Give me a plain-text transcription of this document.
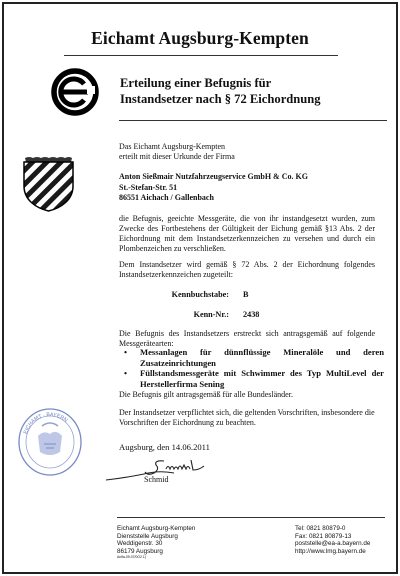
Eichamt Augsburg-Kempten
Erteilung einer Befugnis für
Instandsetzer nach § 72 Eichordnung
Das Eichamt Augsburg-Kempten
erteilt mit dieser Urkunde der Firma
Anton Sießmair Nutzfahrzeugservice GmbH & Co. KG
St.-Stefan-Str. 51
86551 Aichach / Gallenbach
die Befugnis, geeichte Messgeräte, die von ihr instandgesetzt wurden, zum Zwecke des Fortbestehens der Gültigkeit der Eichung gemäß §13 Abs. 2 der Eichordnung mit dem Instandsetzerkennzeichen zu versehen und durch ein Plombenzeichen zu verschließen.
Dem Instandsetzer wird gemäß § 72 Abs. 2 der Eichordnung folgendes Instandsetzerkennzeichen zugeteilt:
Kennbuchstabe: B
Kenn-Nr.: 2438
Die Befugnis des Instandsetzers erstreckt sich antragsgemäß auf folgende Messgerätearten:
• Messanlagen für dünnflüssige Mineralöle und deren Zusatzeinrichtungen
• Füllstandsmessgeräte mit Schwimmer des Typ MultiLevel der Herstellerfirma Sening
Die Befugnis gilt antragsgemäß für alle Bundesländer.
Der Instandsetzer verpflichtet sich, die geltenden Vorschriften, insbesondere die Vorschriften der Eichordnung zu beachten.
Augsburg, den 14.06.2011
EICHAMT · BAYERN
Schmid
Eichamt Augsburg-Kempten
Dienststelle Augsburg
Weddigenstr. 30
86179 Augsburg
Anlfa-09-07/0G2.1)
Tel: 0821 80879-0
Fax: 0821 80879-13
poststelle@ea-a.bayern.de
http://www.lmg.bayern.de
